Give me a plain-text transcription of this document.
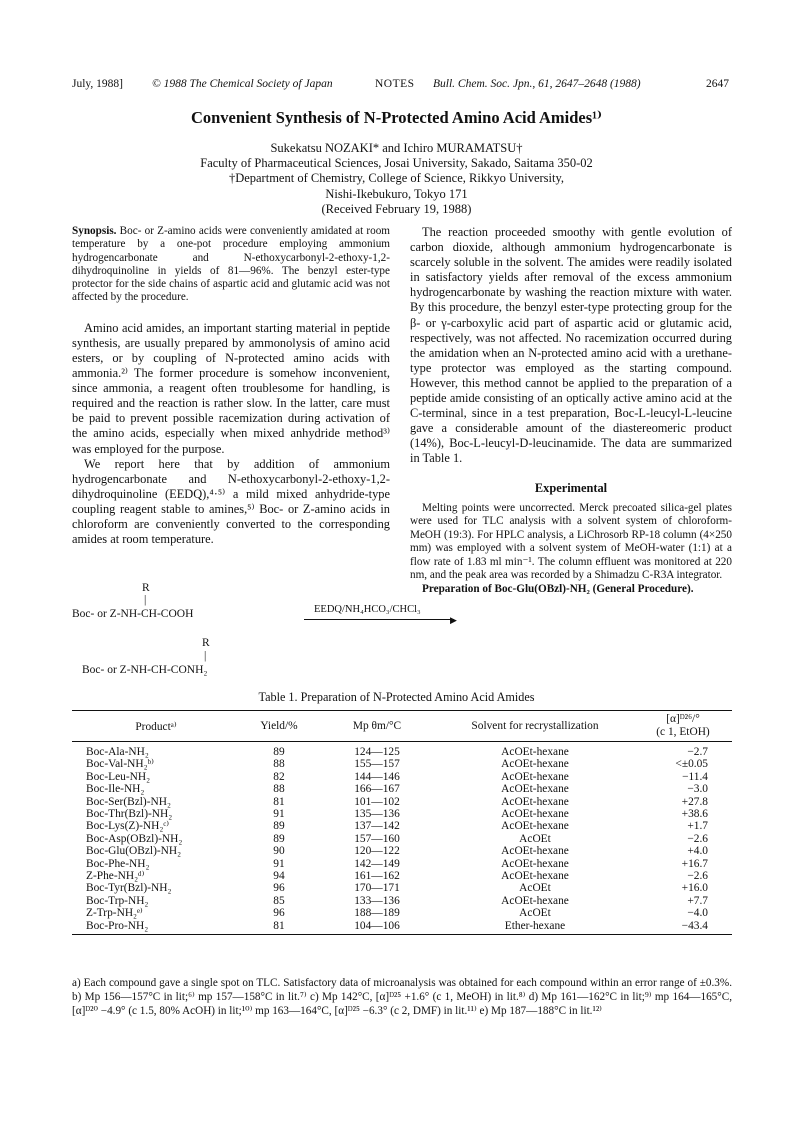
July, 1988]	© 1988 The Chemical Society of Japan	NOTES Bull. Chem. Soc. Jpn., 61, 2647–2648 (1988)	2647
Convenient Synthesis of N-Protected Amino Acid Amides¹⁾
Sukekatsu NOZAKI* and Ichiro MURAMATSU†
Faculty of Pharmaceutical Sciences, Josai University, Sakado, Saitama 350-02
†Department of Chemistry, College of Science, Rikkyo University,
Nishi-Ikebukuro, Tokyo 171
(Received February 19, 1988)
Synopsis. Boc- or Z-amino acids were conveniently amidated at room temperature by a one-pot procedure employing ammonium hydrogencarbonate and N-ethoxycarbonyl-2-ethoxy-1,2-dihydroquinoline in yields of 81—96%. The benzyl ester-type protector for the side chains of aspartic acid and glutamic acid was not affected by the procedure.

Amino acid amides, an important starting material in peptide synthesis, are usually prepared by ammonolysis of amino acid esters, or by coupling of N-protected amino acids with ammonia.²⁾ The former procedure is somehow inconvenient, since ammonia, a reagent often troublesome for handling, is required and the reaction is rather slow. In the latter, care must be paid to prevent possible racemization during activation of the amino acids, especially when mixed anhydride method³⁾ was employed for the purpose.

We report here that by addition of ammonium hydrogencarbonate and N-ethoxycarbonyl-2-ethoxy-1,2-dihydroquinoline (EEDQ),⁴·⁵⁾ a mild mixed anhydride-type coupling reagent stable to amines,⁵⁾ Boc- or Z-amino acids in chloroform are conveniently converted to the corresponding amides at room temperature.

R
|
Boc- or Z-NH-CH-COOH	EEDQ/NH₄HCO₃/CHCl₃
▶
R
|
Boc- or Z-NH-CH-CONH₂

The reaction proceeded smoothy with gentle evolution of carbon dioxide, although ammonium hydrogencarbonate is scarcely soluble in the solvent. The amides were readily isolated in satisfactory yields after removal of the excess ammonium hydrogencarbonate by washing the reaction mixture with water. By this procedure, the benzyl ester-type protecting group for the β- or γ-carboxylic acid part of aspartic acid or glutamic acid, respectively, was not affected. No racemization occurred during the amidation when an N-protected amino acid with a urethane-type protector was employed as the starting compound. However, this method cannot be applied to the preparation of a peptide amide consisting of an optically active amino acid at the C-terminal, since in a test preparation, Boc-L-leucyl-L-leucine gave a considerable amount of the diastereomeric product (14%), Boc-L-leucyl-D-leucinamide. The data are summarized in Table 1.

Experimental

Melting points were uncorrected. Merck precoated silica-gel plates were used for TLC analysis with a solvent system of chloroform-MeOH (19:3). For HPLC analysis, a LiChrosorb RP-18 column (4×250 mm) was employed with a solvent system of MeOH-water (1:1) at a flow rate of 1.83 ml min⁻¹. The column effluent was monitored at 220 nm, and the peak area was recorded by a Shimadzu C-R3A integrator.

Preparation of Boc-Glu(OBzl)-NH₂ (General Procedure).

Table 1. Preparation of N-Protected Amino Acid Amides
Productᵃ⁾	Yield/%	Mp θm/°C	Solvent for recrystallization	[α]ᴰ²⁶/°
(c 1, EtOH)

Boc-Ala-NH₂	89	124—125	AcOEt-hexane	−2.7
Boc-Val-NH₂ᵇ⁾	88	155—157	AcOEt-hexane	<±0.05
Boc-Leu-NH₂	82	144—146	AcOEt-hexane	−11.4
Boc-Ile-NH₂	88	166—167	AcOEt-hexane	−3.0
Boc-Ser(Bzl)-NH₂	81	101—102	AcOEt-hexane	+27.8
Boc-Thr(Bzl)-NH₂	91	135—136	AcOEt-hexane	+38.6
Boc-Lys(Z)-NH₂ᶜ⁾	89	137—142	AcOEt-hexane	+1.7
Boc-Asp(OBzl)-NH₂	89	157—160	AcOEt	−2.6
Boc-Glu(OBzl)-NH₂	90	120—122	AcOEt-hexane	+4.0
Boc-Phe-NH₂	91	142—149	AcOEt-hexane	+16.7
Z-Phe-NH₂ᵈ⁾	94	161—162	AcOEt-hexane	−2.6
Boc-Tyr(Bzl)-NH₂	96	170—171	AcOEt	+16.0
Boc-Trp-NH₂	85	133—136	AcOEt-hexane	+7.7
Z-Trp-NH₂ᵉ⁾	96	188—189	AcOEt	−4.0
Boc-Pro-NH₂	81	104—106	Ether-hexane	−43.4
a) Each compound gave a single spot on TLC. Satisfactory data of microanalysis was obtained for each compound within an error range of ±0.3%. b) Mp 156—157°C in lit;⁶⁾ mp 157—158°C in lit.⁷⁾ c) Mp 142°C, [α]ᴰ²⁵ +1.6° (c 1, MeOH) in lit.⁸⁾ d) Mp 161—162°C in lit;⁹⁾ mp 164—165°C, [α]ᴰ²⁰ −4.9° (c 1.5, 80% AcOH) in lit;¹⁰⁾ mp 163—164°C, [α]ᴰ²⁵ −6.3° (c 2, DMF) in lit.¹¹⁾ e) Mp 187—188°C in lit.¹²⁾
